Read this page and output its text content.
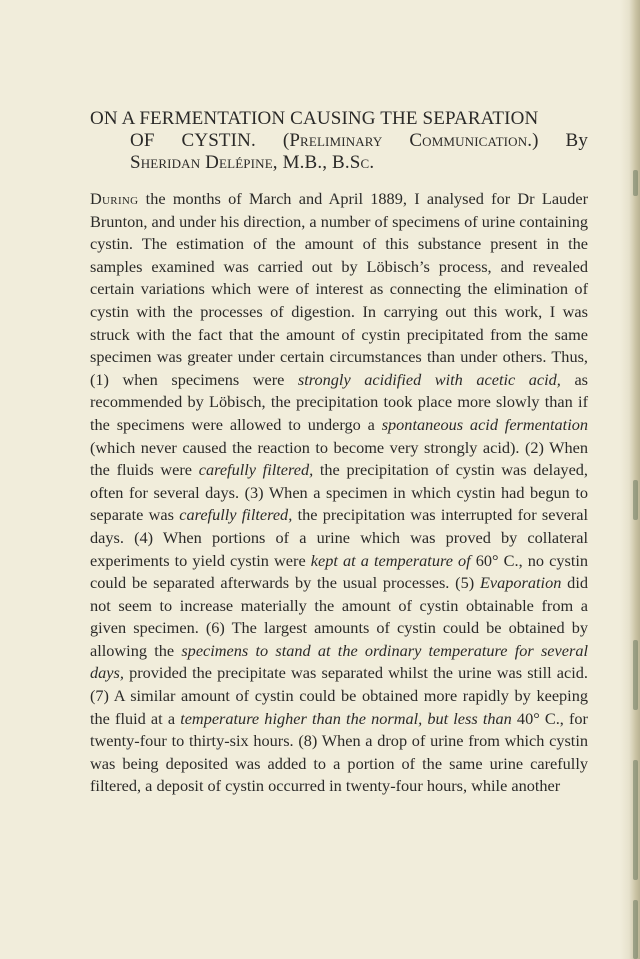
ON A FERMENTATION CAUSING THE SEPARATION
OF CYSTIN. (Preliminary Communication.) By
Sheridan Delépine, M.B., B.Sc.

During the months of March and April 1889, I analysed for Dr Lauder Brunton, and under his direction, a number of specimens of urine containing cystin. The estimation of the amount of this substance present in the samples examined was carried out by Löbisch’s process, and revealed certain variations which were of interest as connecting the elimination of cystin with the processes of digestion. In carrying out this work, I was struck with the fact that the amount of cystin precipitated from the same specimen was greater under certain circumstances than under others. Thus, (1) when specimens were strongly acidified with acetic acid, as recommended by Löbisch, the precipitation took place more slowly than if the specimens were allowed to undergo a spontaneous acid fermentation (which never caused the reaction to become very strongly acid). (2) When the fluids were carefully filtered, the precipitation of cystin was delayed, often for several days. (3) When a specimen in which cystin had begun to separate was carefully filtered, the precipitation was interrupted for several days. (4) When portions of a urine which was proved by collateral experiments to yield cystin were kept at a temperature of 60° C., no cystin could be separated afterwards by the usual processes. (5) Evaporation did not seem to increase materially the amount of cystin obtainable from a given specimen. (6) The largest amounts of cystin could be obtained by allowing the specimens to stand at the ordinary temperature for several days, provided the precipitate was separated whilst the urine was still acid. (7) A similar amount of cystin could be obtained more rapidly by keeping the fluid at a temperature higher than the normal, but less than 40° C., for twenty-four to thirty-six hours. (8) When a drop of urine from which cystin was being deposited was added to a portion of the same urine carefully filtered, a deposit of cystin occurred in twenty-four hours, while another
